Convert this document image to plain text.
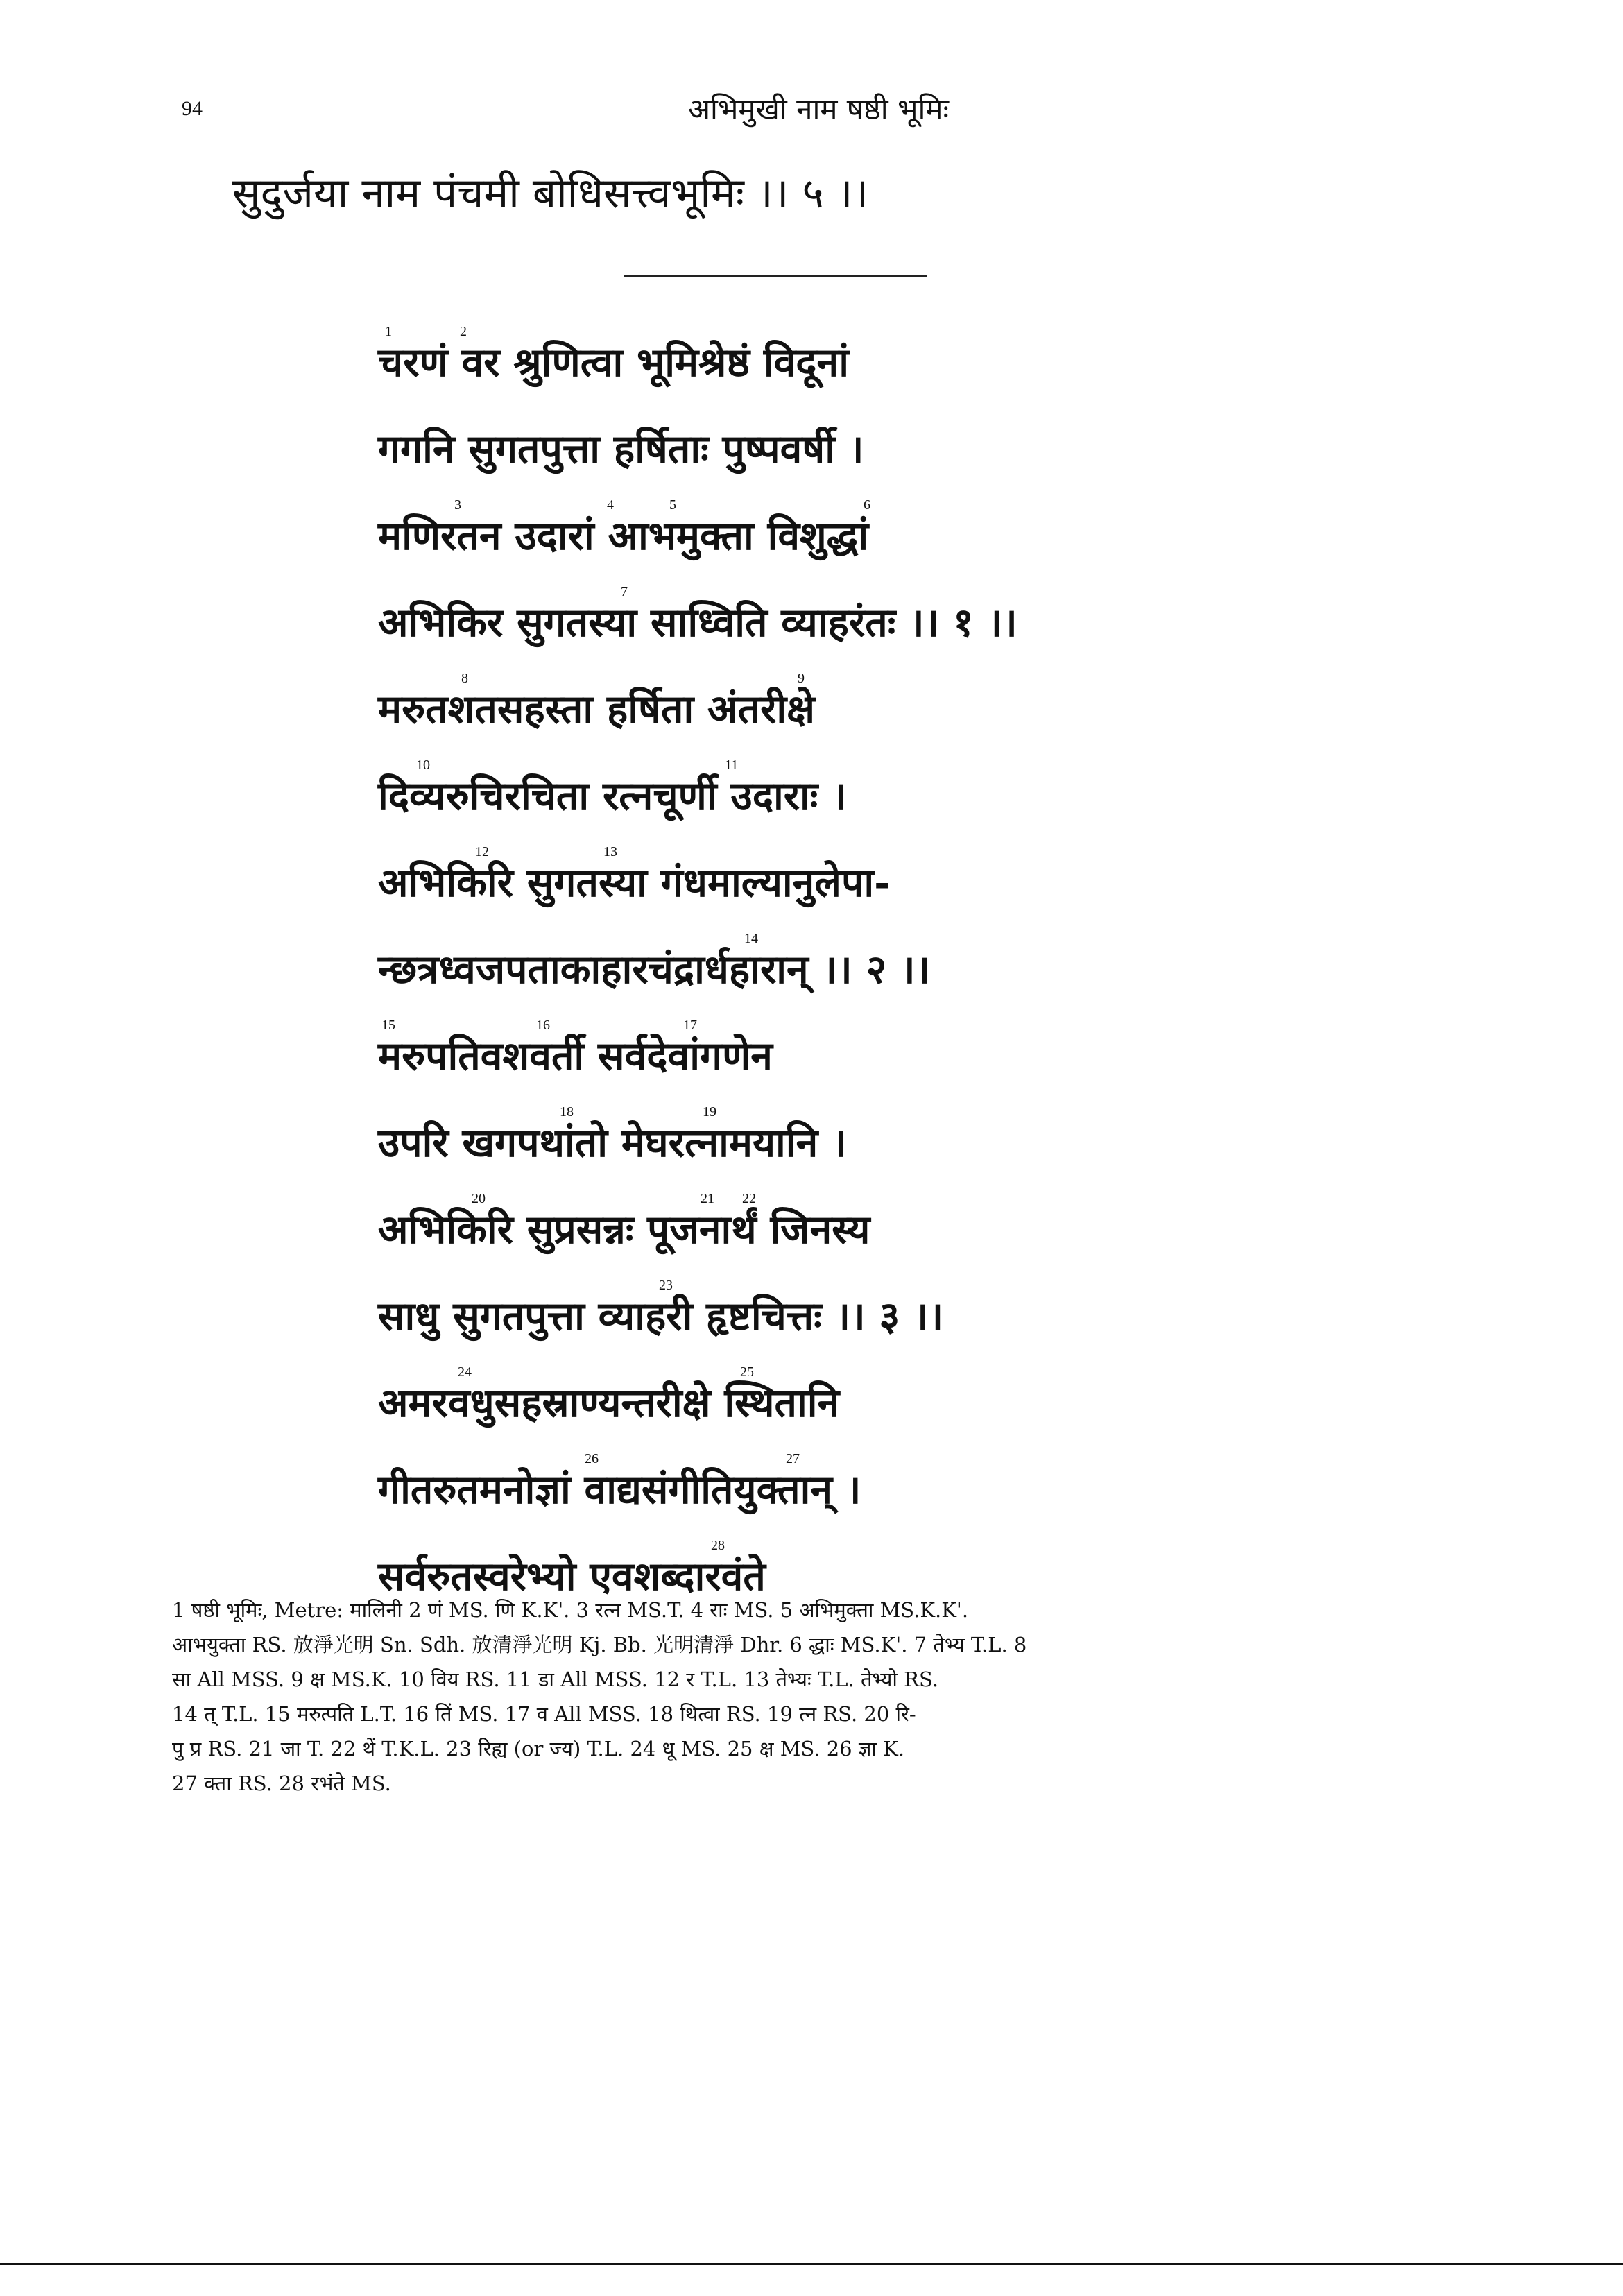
94	अभिमुखी नाम षष्ठी भूमिः
सुदुर्जया नाम पंचमी बोधिसत्त्वभूमिः ।। ५ ।।
1	2
चरणं वर श्रुणित्वा भूमिश्रेष्ठं विदूनां
गगनि सुगतपुत्ता हर्षिताः पुष्पवर्षी ।
3	4	5	6
मणिरतन उदारां आभमुक्ता विशुद्धां
7
अभिकिर सुगतस्या साध्विति व्याहरंतः ।। १ ।।
8	9
मरुतशतसहस्ता हर्षिता अंतरीक्षे
10	11
दिव्यरुचिरचिता रत्नचूर्णी उदाराः ।
12	13
अभिकिरि सुगतस्या गंधमाल्यानुलेपा-
14
न्छत्रध्वजपताकाहारचंद्रार्धहारान् ।। २ ।।
15	16	17
मरुपतिवशवर्ती सर्वदेवांगणेन
18	19
उपरि खगपथांतो मेघरत्नामयानि ।
20	21 22
अभिकिरि सुप्रसन्नः पूजनार्थं जिनस्य
23
साधु सुगतपुत्ता व्याहरी हृष्टचित्तः ।। ३ ।।
24	25
अमरवधुसहस्राण्यन्तरीक्षे स्थितानि
26	27
गीतरुतमनोज्ञां वाद्यसंगीतियुक्तान् ।
28
सर्वरुतस्वरेभ्यो एवशब्दारवंते
1 षष्ठी भूमिः, Metre: मालिनी 2 णं MS. णि K.K'. 3 रत्न MS.T. 4 राः MS. 5 अभिमुक्ता MS.K.K'.
आभयुक्ता RS. 放淨光明 Sn. Sdh. 放清淨光明 Kj. Bb. 光明清淨 Dhr. 6 द्धाः MS.K'. 7 तेभ्य T.L. 8
सा All MSS. 9 क्ष MS.K. 10 विय RS. 11 डा All MSS. 12 र T.L. 13 तेभ्यः T.L. तेभ्यो RS.
14 त् T.L. 15 मरुत्पति L.T. 16 तिं MS. 17 व All MSS. 18 थित्वा RS. 19 त्न RS. 20 रि-
पु प्र RS. 21 जा T. 22 थें T.K.L. 23 रिह्य (or ज्य) T.L. 24 धू MS. 25 क्ष MS. 26 ज्ञा K.
27 क्ता RS. 28 रभंते MS.
